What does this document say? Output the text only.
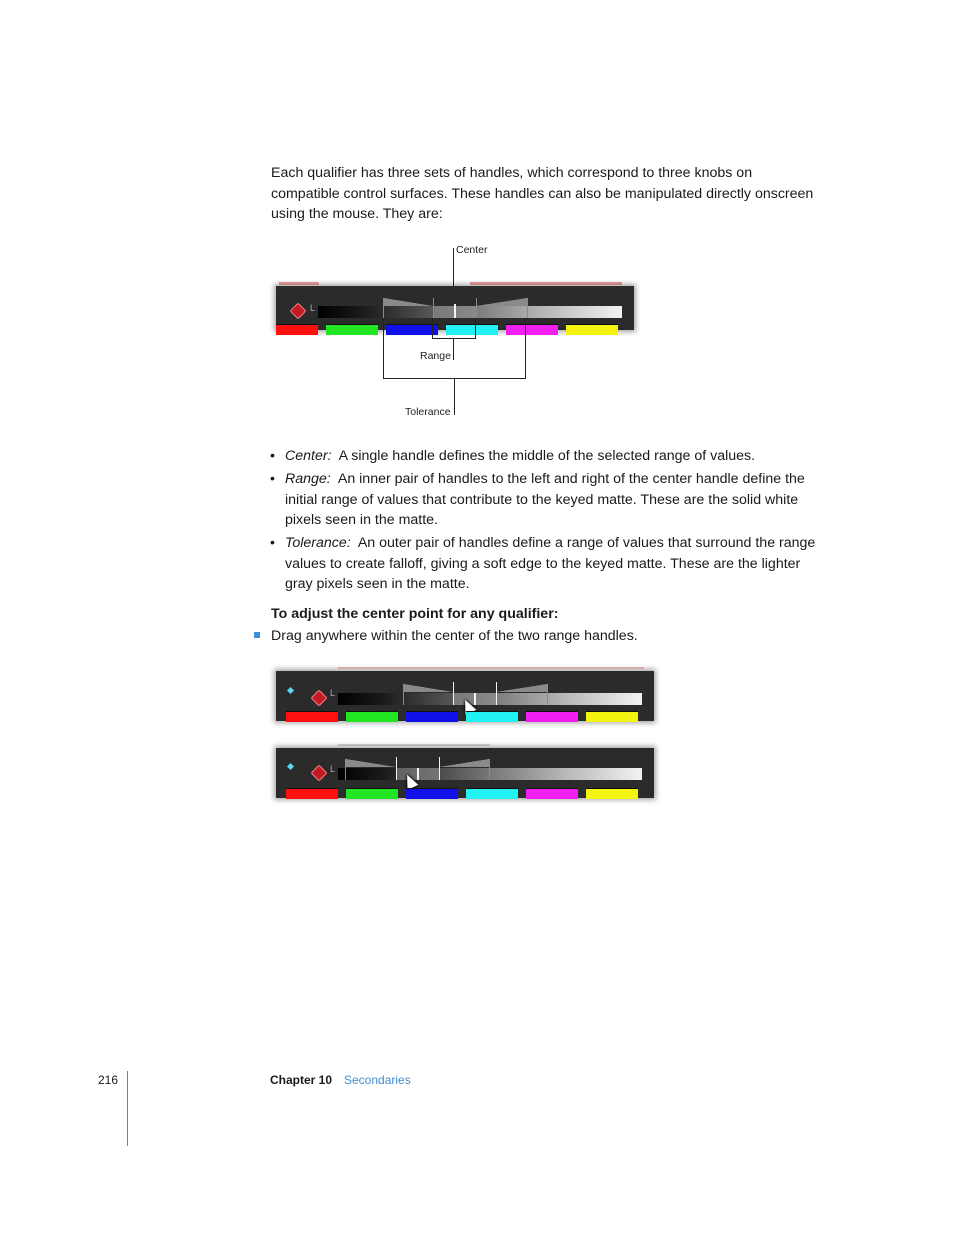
Each qualifier has three sets of handles, which correspond to three knobs on
compatible control surfaces. These handles can also be manipulated directly onscreen
using the mouse. They are:

Center
L
Range
Tolerance
• Center: A single handle defines the middle of the selected range of values.
• Range: An inner pair of handles to the left and right of the center handle define the initial range of values that contribute to the keyed matte. These are the solid white pixels seen in the matte.
• Tolerance: An outer pair of handles define a range of values that surround the range values to create falloff, giving a soft edge to the keyed matte. These are the lighter gray pixels seen in the matte.

To adjust the center point for any qualifier:

Drag anywhere within the center of the two range handles.
L
L
216	Chapter 10 Secondaries
